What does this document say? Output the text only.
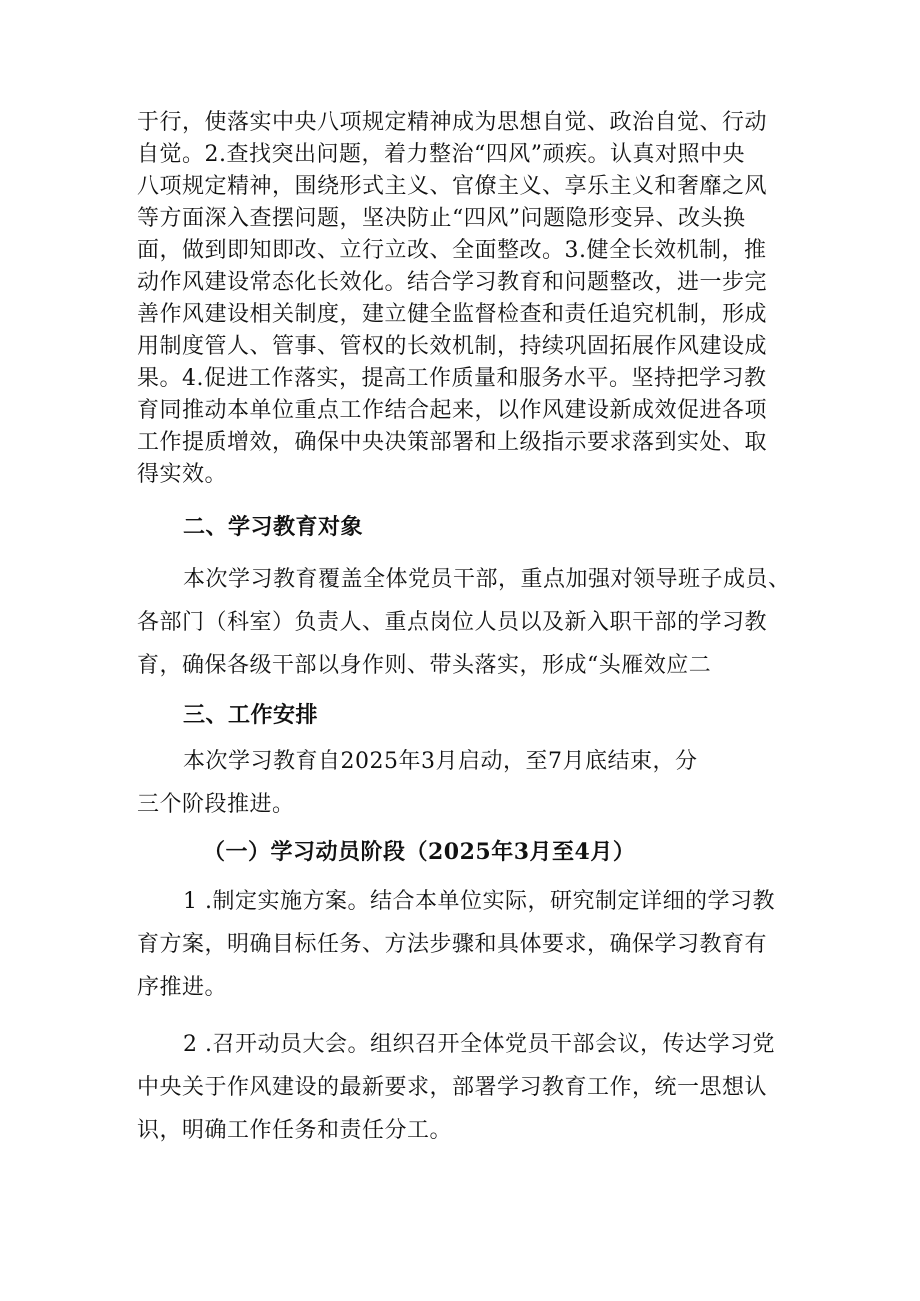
于行，使落实中央八项规定精神成为思想自觉、政治自觉、行动
自觉。2.查找突出问题，着力整治“四风”顽疾。认真对照中央
八项规定精神，围绕形式主义、官僚主义、享乐主义和奢靡之风
等方面深入查摆问题，坚决防止“四风”问题隐形变异、改头换
面，做到即知即改、立行立改、全面整改。3.健全长效机制，推
动作风建设常态化长效化。结合学习教育和问题整改，进一步完
善作风建设相关制度，建立健全监督检查和责任追究机制，形成
用制度管人、管事、管权的长效机制，持续巩固拓展作风建设成
果。4.促进工作落实，提高工作质量和服务水平。坚持把学习教
育同推动本单位重点工作结合起来，以作风建设新成效促进各项
工作提质增效，确保中央决策部署和上级指示要求落到实处、取
得实效。
二、学习教育对象
本次学习教育覆盖全体党员干部，重点加强对领导班子成员、
各部门（科室）负责人、重点岗位人员以及新入职干部的学习教
育，确保各级干部以身作则、带头落实，形成“头雁效应二
三、工作安排
本次学习教育自2025年3月启动，至7月底结束，分
三个阶段推进。
（一）学习动员阶段（2025年3月至4月）
1 .制定实施方案。结合本单位实际，研究制定详细的学习教
育方案，明确目标任务、方法步骤和具体要求，确保学习教育有
序推进。
2 .召开动员大会。组织召开全体党员干部会议，传达学习党
中央关于作风建设的最新要求，部署学习教育工作，统一思想认
识，明确工作任务和责任分工。
